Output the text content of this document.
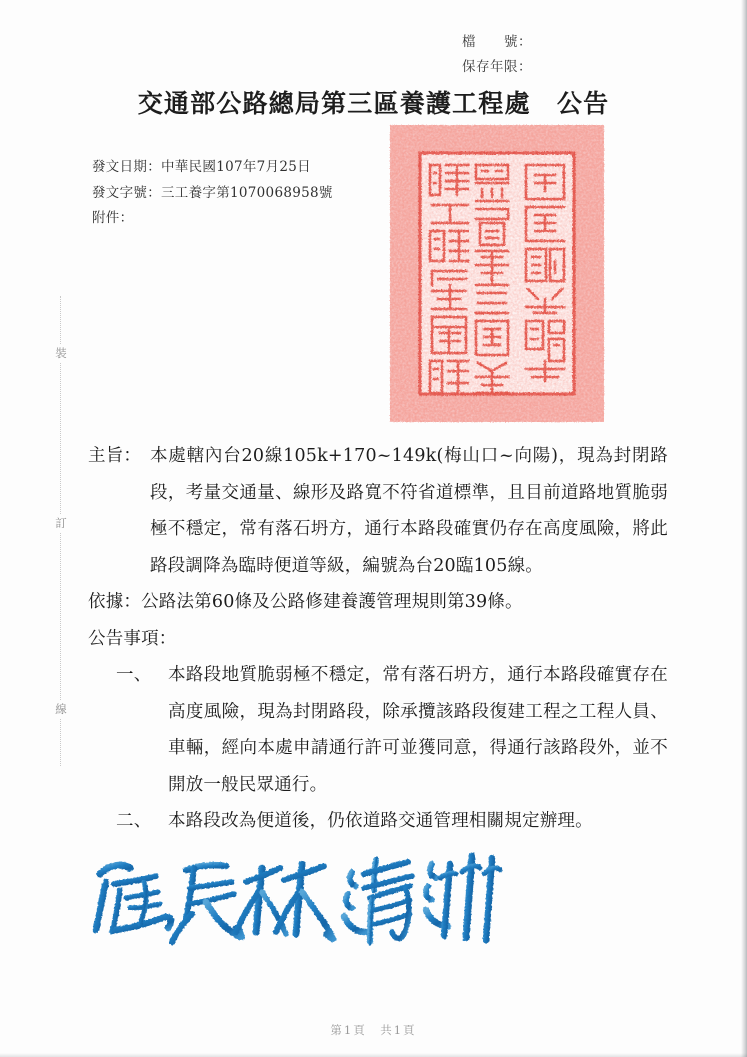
檔　　號：
保存年限：
交通部公路總局第三區養護工程處　公告
發文日期：中華民國107年7月25日
發文字號：三工養字第1070068958號
附件：
裝
訂
線
主旨： 本處轄內台20線105k+170~149k(梅山口~向陽)，現為封閉路段，考量交通量、線形及路寬不符省道標準，且目前道路地質脆弱極不穩定，常有落石坍方，通行本路段確實仍存在高度風險，將此路段調降為臨時便道等級，編號為台20臨105線。
依據： 公路法第60條及公路修建養護管理規則第39條。
公告事項：
一、 本路段地質脆弱極不穩定，常有落石坍方，通行本路段確實存在高度風險，現為封閉路段，除承攬該路段復建工程之工程人員、車輛，經向本處申請通行許可並獲同意，得通行該路段外，並不開放一般民眾通行。
二、 本路段改為便道後，仍依道路交通管理相關規定辦理。
第1頁　共1頁
